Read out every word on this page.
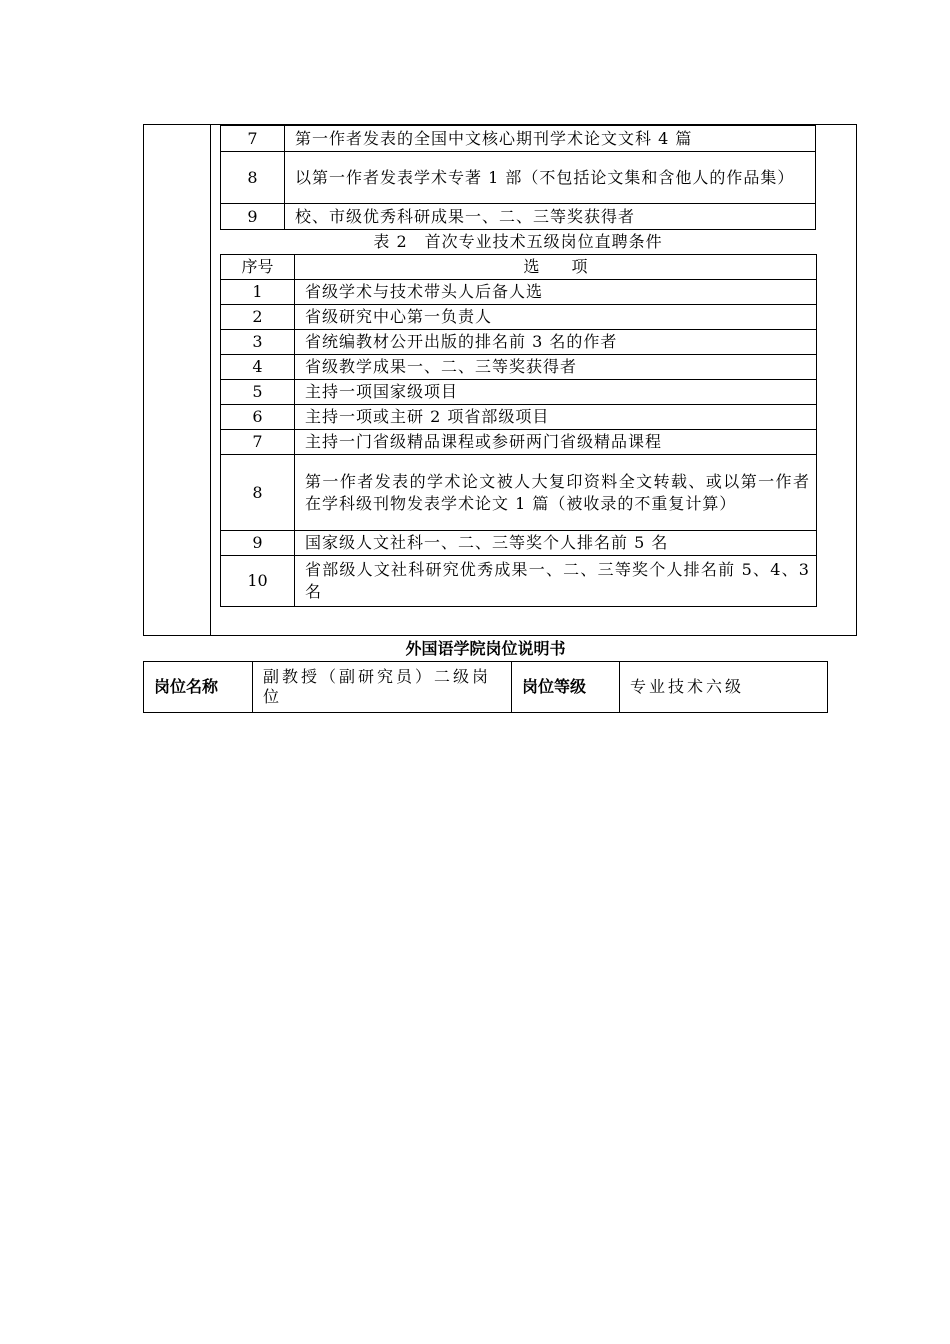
7	第一作者发表的全国中文核心期刊学术论文文科 4 篇
8	以第一作者发表学术专著 1 部（不包括论文集和含他人的作品集）
9	校、市级优秀科研成果一、二、三等奖获得者
表 2　首次专业技术五级岗位直聘条件
序号	选　　项
1	省级学术与技术带头人后备人选
2	省级研究中心第一负责人
3	省统编教材公开出版的排名前 3 名的作者
4	省级教学成果一、二、三等奖获得者
5	主持一项国家级项目
6	主持一项或主研 2 项省部级项目
7	主持一门省级精品课程或参研两门省级精品课程
8	第一作者发表的学术论文被人大复印资料全文转载、或以第一作者在学科级刊物发表学术论文 1 篇（被收录的不重复计算）
9	国家级人文社科一、二、三等奖个人排名前 5 名
10	省部级人文社科研究优秀成果一、二、三等奖个人排名前 5、4、3 名
外国语学院岗位说明书
岗位名称	副教授（副研究员）二级岗位	岗位等级	专业技术六级
